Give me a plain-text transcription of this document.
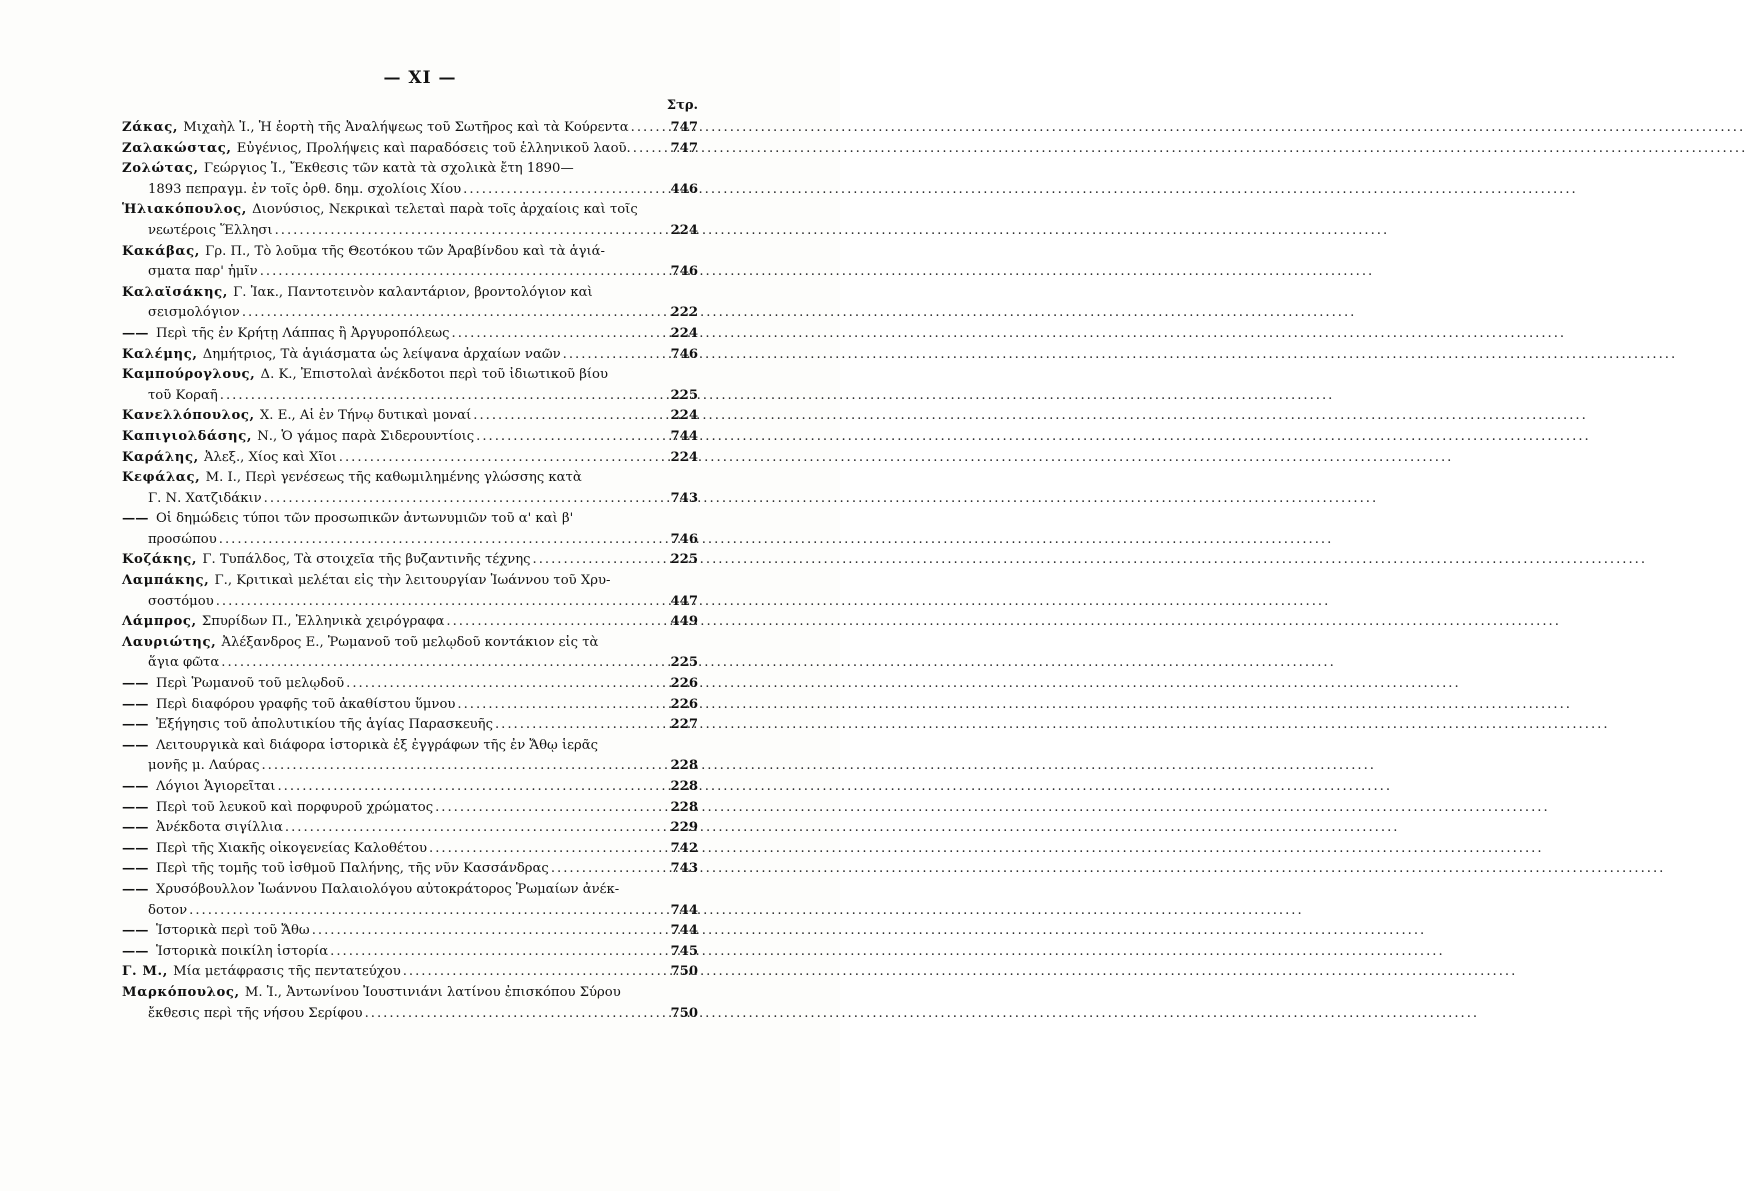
— ΧΙ —
Στρ.
Ζάκας, Μιχαὴλ Ἰ., Ἡ ἑορτὴ τῆς Ἀναλήψεως τοῦ Σωτῆρος καὶ τὰ Κούρεντα .....	747
Ζαλακώστας, Εὐγένιος, Προλήψεις καὶ παραδόσεις τοῦ ἑλληνικοῦ λαοῦ. .....	747
Ζολώτας, Γεώργιος Ἰ., Ἔκθεσις τῶν κατὰ τὰ σχολικὰ ἔτη 1890—
1893 πεπραγμ. ἐν τοῖς ὀρθ. δημ. σχολίοις Χίου .....	446
Ἡλιακόπουλος, Διονύσιος, Νεκρικαὶ τελεταὶ παρὰ τοῖς ἀρχαίοις καὶ τοῖς
νεωτέροις Ἕλλησι .....	224
Κακάβας, Γρ. Π., Τὸ λοῦμα τῆς Θεοτόκου τῶν Ἀραβίνδου καὶ τὰ ἁγιά-
σματα παρ' ἡμῖν .....	746
Καλαϊσάκης, Γ. Ἰακ., Παντοτεινὸν καλαντάριον, βροντολόγιον καὶ
σεισμολόγιον .....	222
—— Περὶ τῆς ἐν Κρήτῃ Λάππας ἢ Ἀργυροπόλεως .....	224
Καλέμης, Δημήτριος, Τὰ ἁγιάσματα ὡς λείψανα ἀρχαίων ναῶν .....	746
Καμπούρογλους, Δ. Κ., Ἐπιστολαὶ ἀνέκδοτοι περὶ τοῦ ἰδιωτικοῦ βίου
τοῦ Κοραῆ .....	225
Κανελλόπουλος, Χ. Ε., Αἱ ἐν Τήνῳ δυτικαὶ μοναί .....	224
Καπιγιολδάσης, Ν., Ὁ γάμος παρὰ Σιδερουντίοις .....	744
Καράλης, Ἀλεξ., Χίος καὶ Χῖοι .....	224
Κεφάλας, Μ. Ι., Περὶ γενέσεως τῆς καθωμιλημένης γλώσσης κατὰ
Γ. Ν. Χατζιδάκιν .....	743
—— Οἱ δημώδεις τύποι τῶν προσωπικῶν ἀντωνυμιῶν τοῦ α' καὶ β'
προσώπου .....	746
Κοζάκης, Γ. Τυπάλδος, Τὰ στοιχεῖα τῆς βυζαντινῆς τέχνης .....	225
Λαμπάκης, Γ., Κριτικαὶ μελέται εἰς τὴν λειτουργίαν Ἰωάννου τοῦ Χρυ-
σοστόμου .....	447
Λάμπρος, Σπυρίδων Π., Ἑλληνικὰ χειρόγραφα .....	449
Λαυριώτης, Ἀλέξανδρος Ε., Ῥωμανοῦ τοῦ μελῳδοῦ κοντάκιον εἰς τὰ
ἅγια φῶτα .....	225
—— Περὶ Ῥωμανοῦ τοῦ μελῳδοῦ .....	226
—— Περὶ διαφόρου γραφῆς τοῦ ἀκαθίστου ὕμνου .....	226
—— Ἐξήγησις τοῦ ἀπολυτικίου τῆς ἁγίας Παρασκευῆς .....	227
—— Λειτουργικὰ καὶ διάφορα ἱστορικὰ ἐξ ἐγγράφων τῆς ἐν Ἄθῳ ἱερᾶς
μονῆς μ. Λαύρας .....	228
—— Λόγιοι Ἁγιορεῖται .....	228
—— Περὶ τοῦ λευκοῦ καὶ πορφυροῦ χρώματος .....	228
—— Ἀνέκδοτα σιγίλλια .....	229
—— Περὶ τῆς Χιακῆς οἰκογενείας Καλοθέτου .....	742
—— Περὶ τῆς τομῆς τοῦ ἰσθμοῦ Παλήνης, τῆς νῦν Κασσάνδρας .....	743
—— Χρυσόβουλλον Ἰωάννου Παλαιολόγου αὐτοκράτορος Ῥωμαίων ἀνέκ-
δοτον .....	744
—— Ἱστορικὰ περὶ τοῦ Ἄθω .....	744
—— Ἱστορικὰ ποικίλη ἱστορία .....	745
Γ. Μ., Μία μετάφρασις τῆς πεντατεύχου .....	750
Μαρκόπουλος, Μ. Ἰ., Ἀντωνίνου Ἰουστινιάνι λατίνου ἐπισκόπου Σύρου
ἔκθεσις περὶ τῆς νήσου Σερίφου .....	750
